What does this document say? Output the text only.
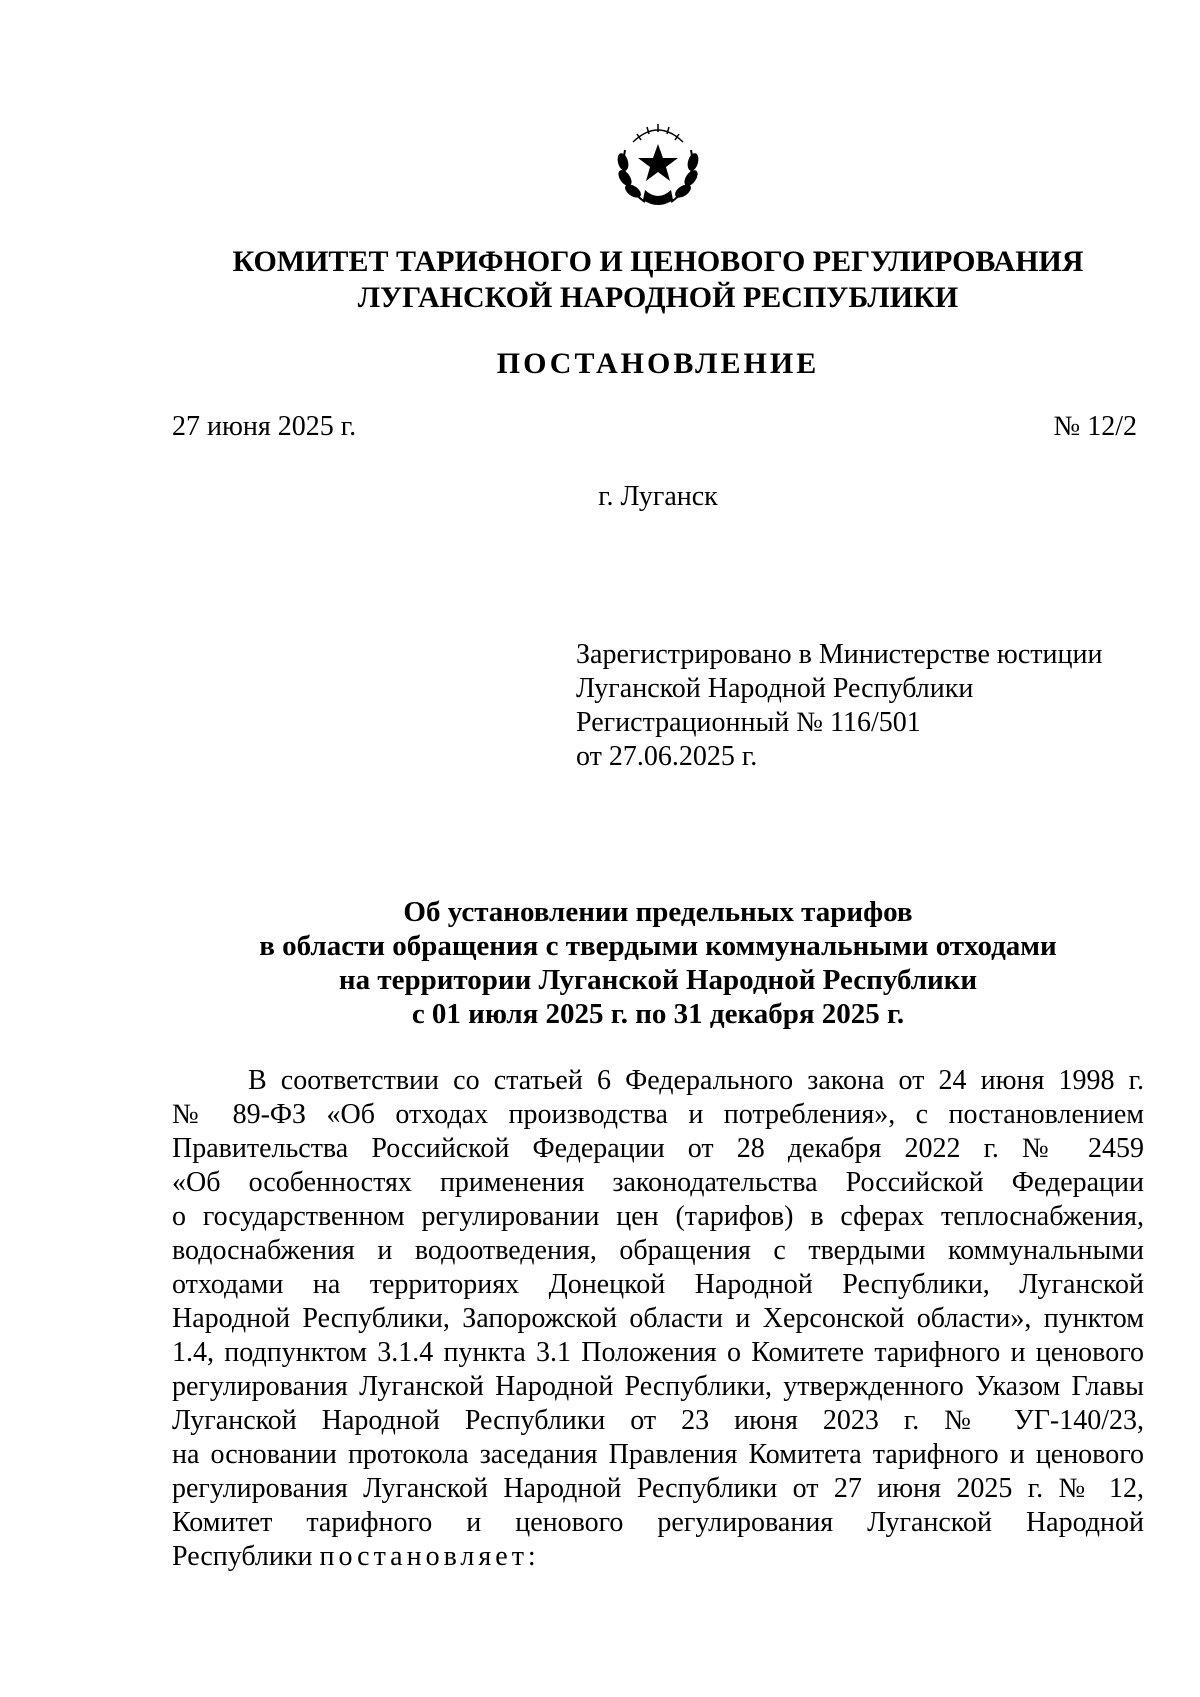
КОМИТЕТ ТАРИФНОГО И ЦЕНОВОГО РЕГУЛИРОВАНИЯ
ЛУГАНСКОЙ НАРОДНОЙ РЕСПУБЛИКИ
ПОСТАНОВЛЕНИЕ
27 июня 2025 г.	№ 12/2
г. Луганск
Зарегистрировано в Министерстве юстиции
Луганской Народной Республики
Регистрационный № 116/501
от 27.06.2025 г.
Об установлении предельных тарифов
в области обращения с твердыми коммунальными отходами
на территории Луганской Народной Республики
с 01 июля 2025 г. по 31 декабря 2025 г.
В соответствии со статьей 6 Федерального закона от 24 июня 1998 г.
№ 89-ФЗ «Об отходах производства и потребления», с постановлением
Правительства Российской Федерации от 28 декабря 2022 г. № 2459
«Об особенностях применения законодательства Российской Федерации
о государственном регулировании цен (тарифов) в сферах теплоснабжения,
водоснабжения и водоотведения, обращения с твердыми коммунальными
отходами на территориях Донецкой Народной Республики, Луганской
Народной Республики, Запорожской области и Херсонской области», пунктом
1.4, подпунктом 3.1.4 пункта 3.1 Положения о Комитете тарифного и ценового
регулирования Луганской Народной Республики, утвержденного Указом Главы
Луганской Народной Республики от 23 июня 2023 г. № УГ-140/23,
на основании протокола заседания Правления Комитета тарифного и ценового
регулирования Луганской Народной Республики от 27 июня 2025 г. № 12,
Комитет тарифного и ценового регулирования Луганской Народной
Республики постановляет:
